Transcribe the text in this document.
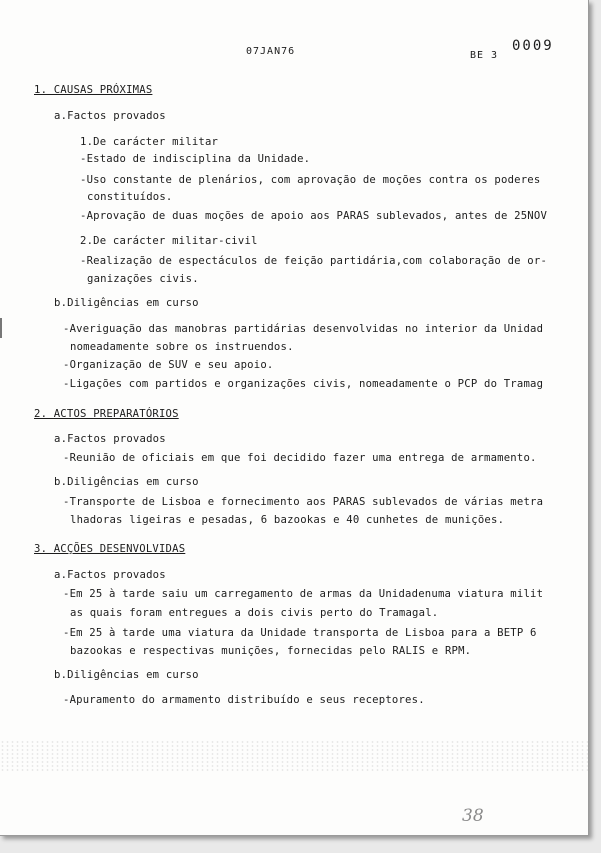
07JAN76	BE 3
0009
1. CAUSAS PRÓXIMAS
a.Factos provados
1.De carácter militar
-Estado de indisciplina da Unidade.
-Uso constante de plenários, com aprovação de moções contra os poderes
constituídos.
-Aprovação de duas moções de apoio aos PARAS sublevados, antes de 25NOV
2.De carácter militar-civil
-Realização de espectáculos de feição partidária,com colaboração de or-
ganizações civis.
b.Diligências em curso
-Averiguação das manobras partidárias desenvolvidas no interior da Unidad
nomeadamente sobre os instruendos.
-Organização de SUV e seu apoio.
-Ligações com partidos e organizações civis, nomeadamente o PCP do Tramag
2. ACTOS PREPARATÓRIOS
a.Factos provados
-Reunião de oficiais em que foi decidido fazer uma entrega de armamento.
b.Diligências em curso
-Transporte de Lisboa e fornecimento aos PARAS sublevados de várias metra
lhadoras ligeiras e pesadas, 6 bazookas e 40 cunhetes de munições.
3. ACÇÕES DESENVOLVIDAS
a.Factos provados
-Em 25 à tarde saiu um carregamento de armas da Unidadenuma viatura milit
as quais foram entregues a dois civis perto do Tramagal.
-Em 25 à tarde uma viatura da Unidade transporta de Lisboa para a BETP 6
bazookas e respectivas munições, fornecidas pelo RALIS e RPM.
b.Diligências em curso
-Apuramento do armamento distribuído e seus receptores.
38
